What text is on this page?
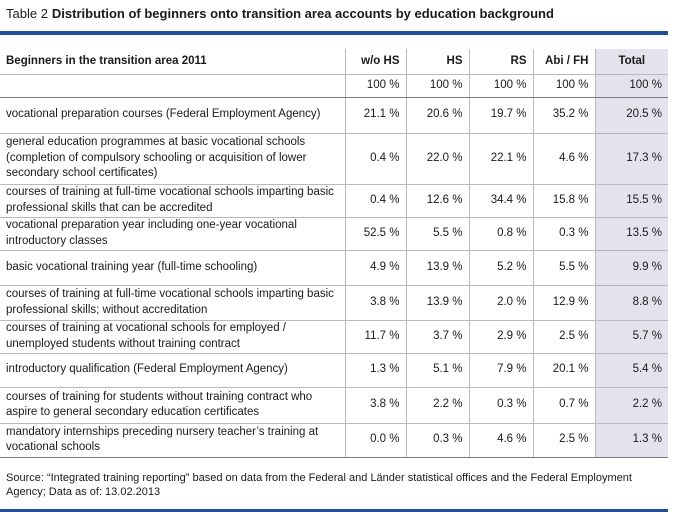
Table 2 Distribution of beginners onto transition area accounts by education background
Beginners in the transition area 2011	w/o HS	HS	RS	Abi / FH	Total
	100 %	100 %	100 %	100 %	100 %
vocational preparation courses (Federal Employment Agency)	21.1 %	20.6 %	19.7 %	35.2 %	20.5 %
general education programmes at basic vocational schools (completion of compulsory schooling or acquisition of lower secondary school certificates)	0.4 %	22.0 %	22.1 %	4.6 %	17.3 %
courses of training at full-time vocational schools imparting basic professional skills that can be accredited	0.4 %	12.6 %	34.4 %	15.8 %	15.5 %
vocational preparation year including one-year vocational introductory classes	52.5 %	5.5 %	0.8 %	0.3 %	13.5 %
basic vocational training year (full-time schooling)	4.9 %	13.9 %	5.2 %	5.5 %	9.9 %
courses of training at full-time vocational schools imparting basic professional skills; without accreditation	3.8 %	13.9 %	2.0 %	12.9 %	8.8 %
courses of training at vocational schools for employed / unemployed students without training contract	11.7 %	3.7 %	2.9 %	2.5 %	5.7 %
introductory qualification (Federal Employment Agency)	1.3 %	5.1 %	7.9 %	20.1 %	5.4 %
courses of training for students without training contract who aspire to general secondary education certificates	3.8 %	2.2 %	0.3 %	0.7 %	2.2 %
mandatory internships preceding nursery teacher’s training at vocational schools	0.0 %	0.3 %	4.6 %	2.5 %	1.3 %
Source: “Integrated training reporting” based on data from the Federal and Länder statistical offices and the Federal Employment Agency; Data as of: 13.02.2013
